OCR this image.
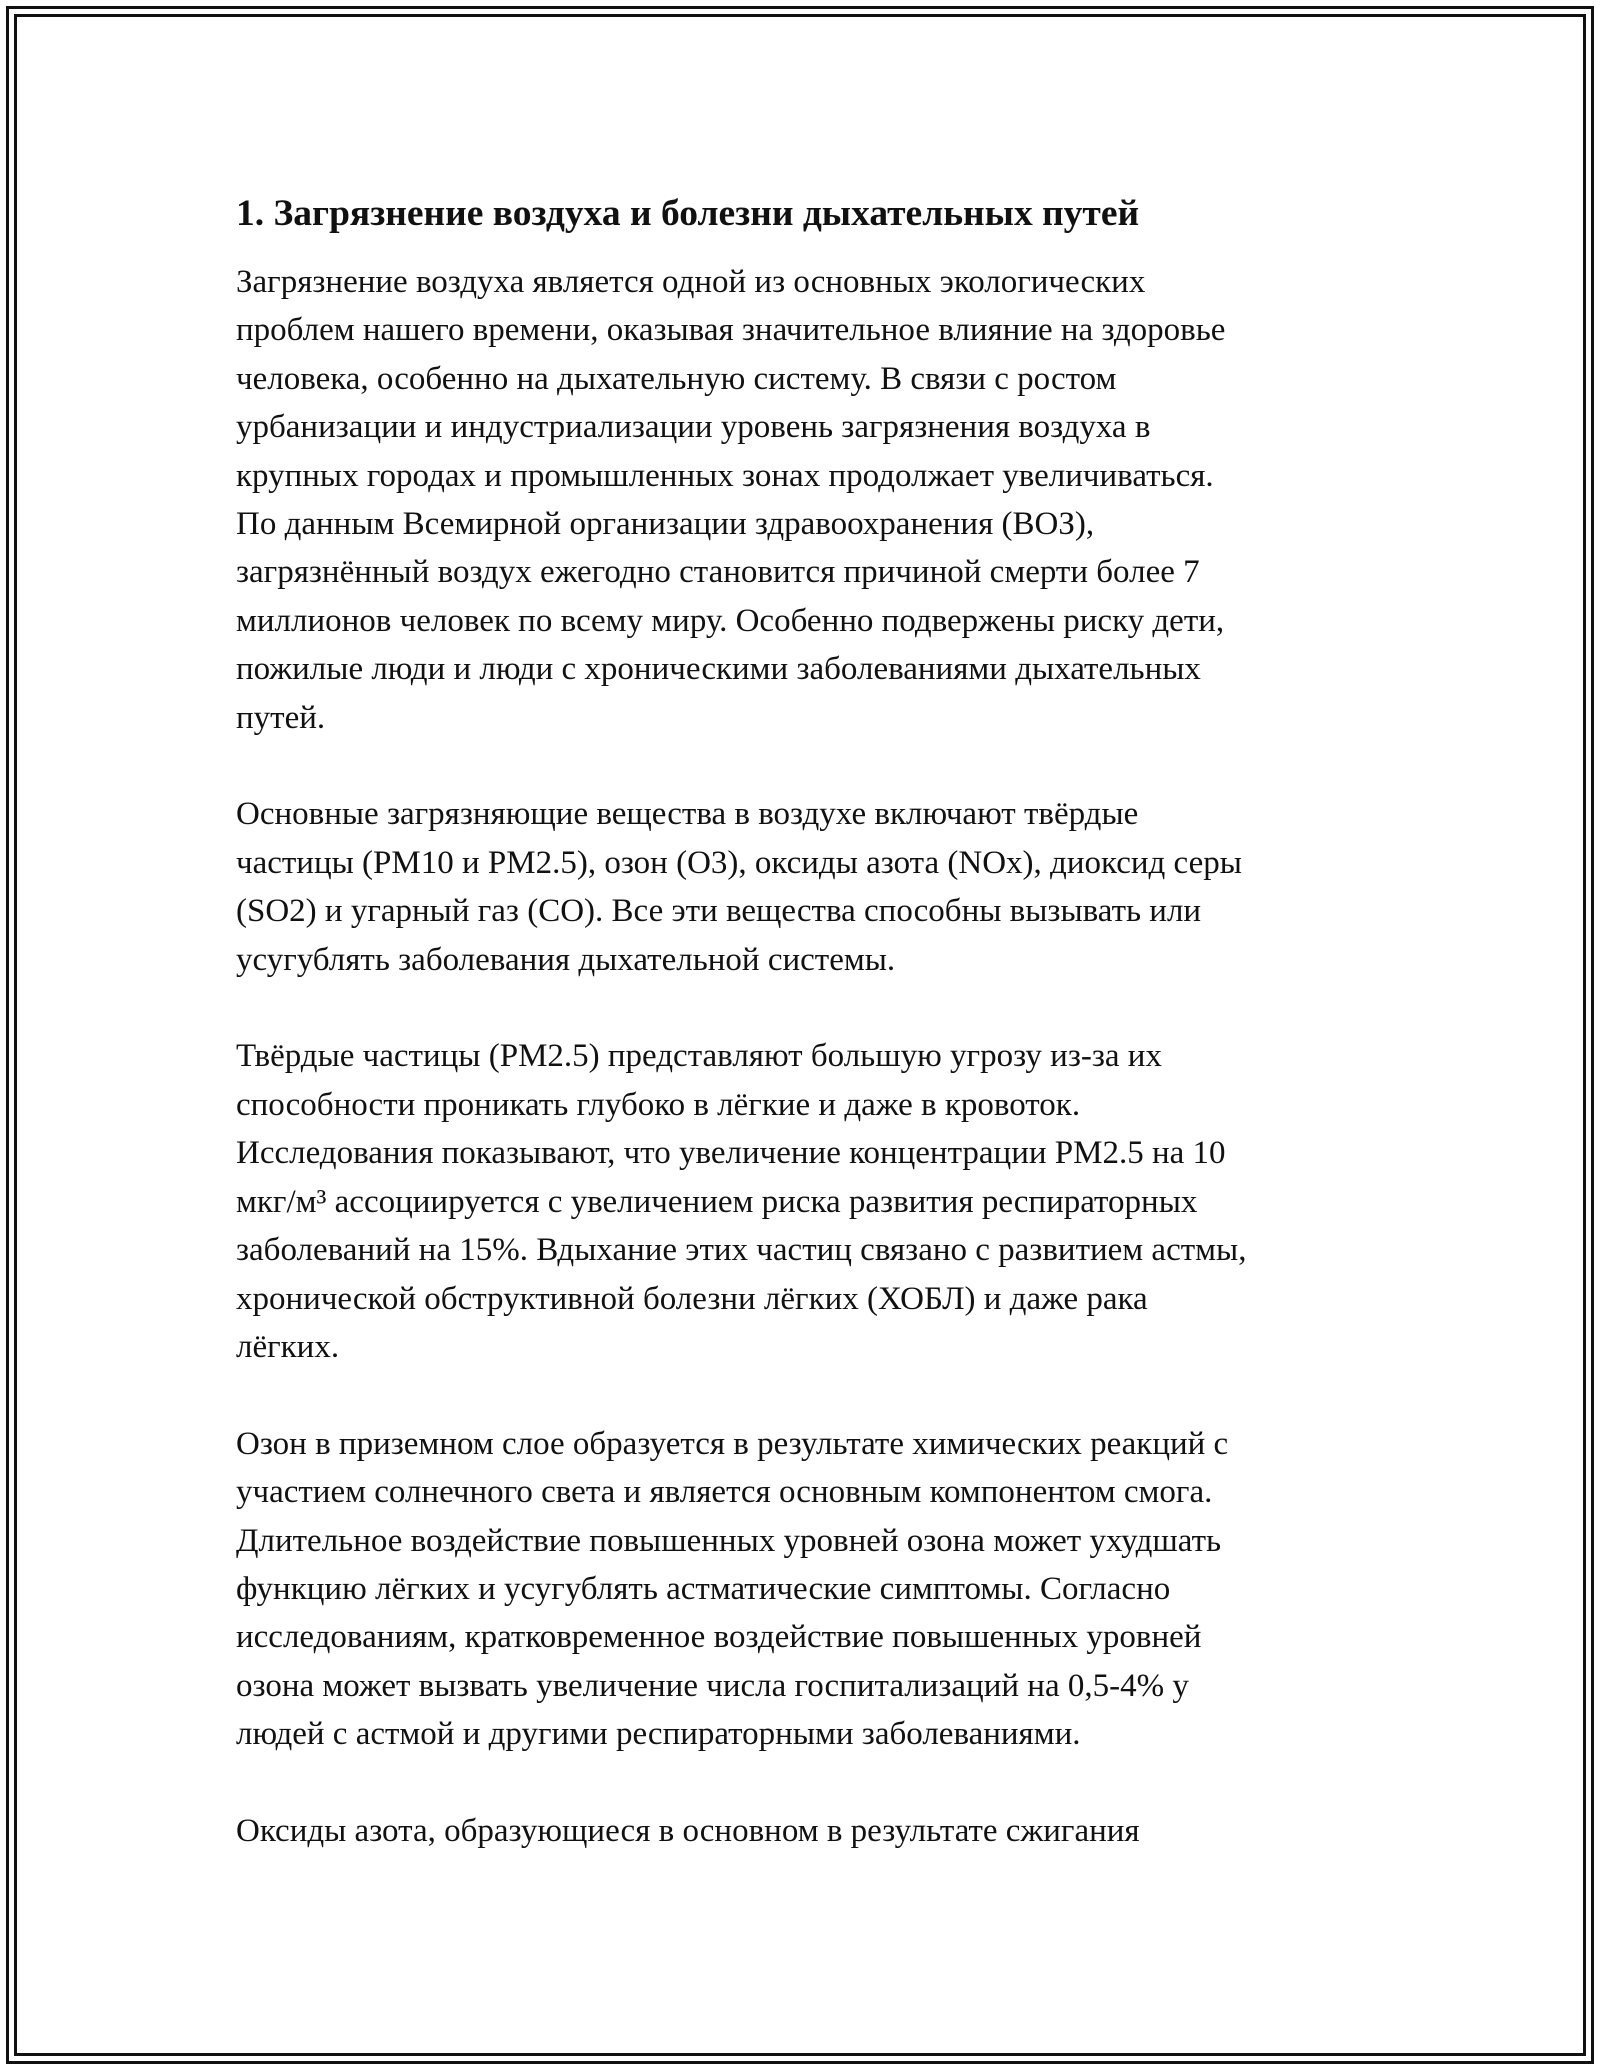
1. Загрязнение воздуха и болезни дыхательных путей

Загрязнение воздуха является одной из основных экологических
проблем нашего времени, оказывая значительное влияние на здоровье
человека, особенно на дыхательную систему. В связи с ростом
урбанизации и индустриализации уровень загрязнения воздуха в
крупных городах и промышленных зонах продолжает увеличиваться.
По данным Всемирной организации здравоохранения (ВОЗ),
загрязнённый воздух ежегодно становится причиной смерти более 7
миллионов человек по всему миру. Особенно подвержены риску дети,
пожилые люди и люди с хроническими заболеваниями дыхательных
путей.

Основные загрязняющие вещества в воздухе включают твёрдые
частицы (PM10 и PM2.5), озон (O3), оксиды азота (NOx), диоксид серы
(SO2) и угарный газ (CO). Все эти вещества способны вызывать или
усугублять заболевания дыхательной системы.

Твёрдые частицы (PM2.5) представляют большую угрозу из-за их
способности проникать глубоко в лёгкие и даже в кровоток.
Исследования показывают, что увеличение концентрации PM2.5 на 10
мкг/м³ ассоциируется с увеличением риска развития респираторных
заболеваний на 15%. Вдыхание этих частиц связано с развитием астмы,
хронической обструктивной болезни лёгких (ХОБЛ) и даже рака
лёгких.

Озон в приземном слое образуется в результате химических реакций с
участием солнечного света и является основным компонентом смога.
Длительное воздействие повышенных уровней озона может ухудшать
функцию лёгких и усугублять астматические симптомы. Согласно
исследованиям, кратковременное воздействие повышенных уровней
озона может вызвать увеличение числа госпитализаций на 0,5-4% у
людей с астмой и другими респираторными заболеваниями.

Оксиды азота, образующиеся в основном в результате сжигания
